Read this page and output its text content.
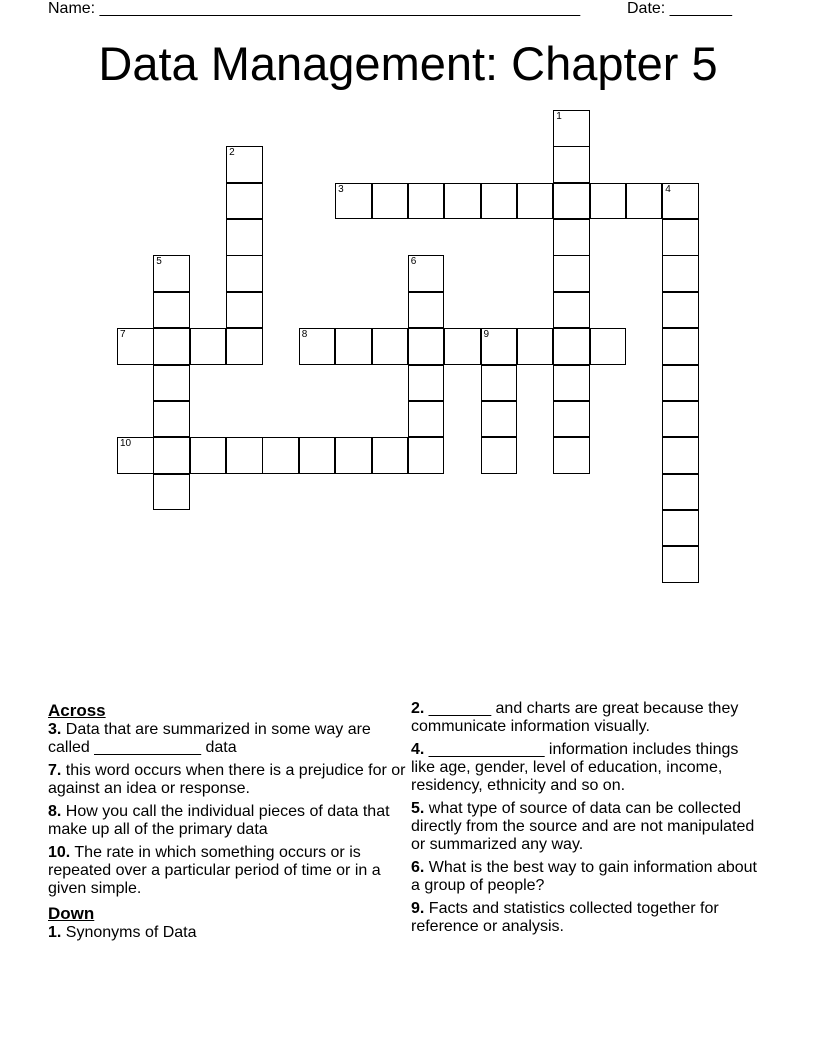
Name: ______________________________________________________	Date: _______
Data Management: Chapter 5
1
2
3	4
5	6
7	8	9
10
Across
3. Data that are summarized in some way are called ____________ data
7. this word occurs when there is a prejudice for or against an idea or response.
8. How you call the individual pieces of data that make up all of the primary data
10. The rate in which something occurs or is repeated over a particular period of time or in a given simple.
Down
1. Synonyms of Data
2. _______ and charts are great because they communicate information visually.
4. _____________ information includes things like age, gender, level of education, income, residency, ethnicity and so on.
5. what type of source of data can be collected directly from the source and are not manipulated or summarized any way.
6. What is the best way to gain information about a group of people?
9. Facts and statistics collected together for reference or analysis.
